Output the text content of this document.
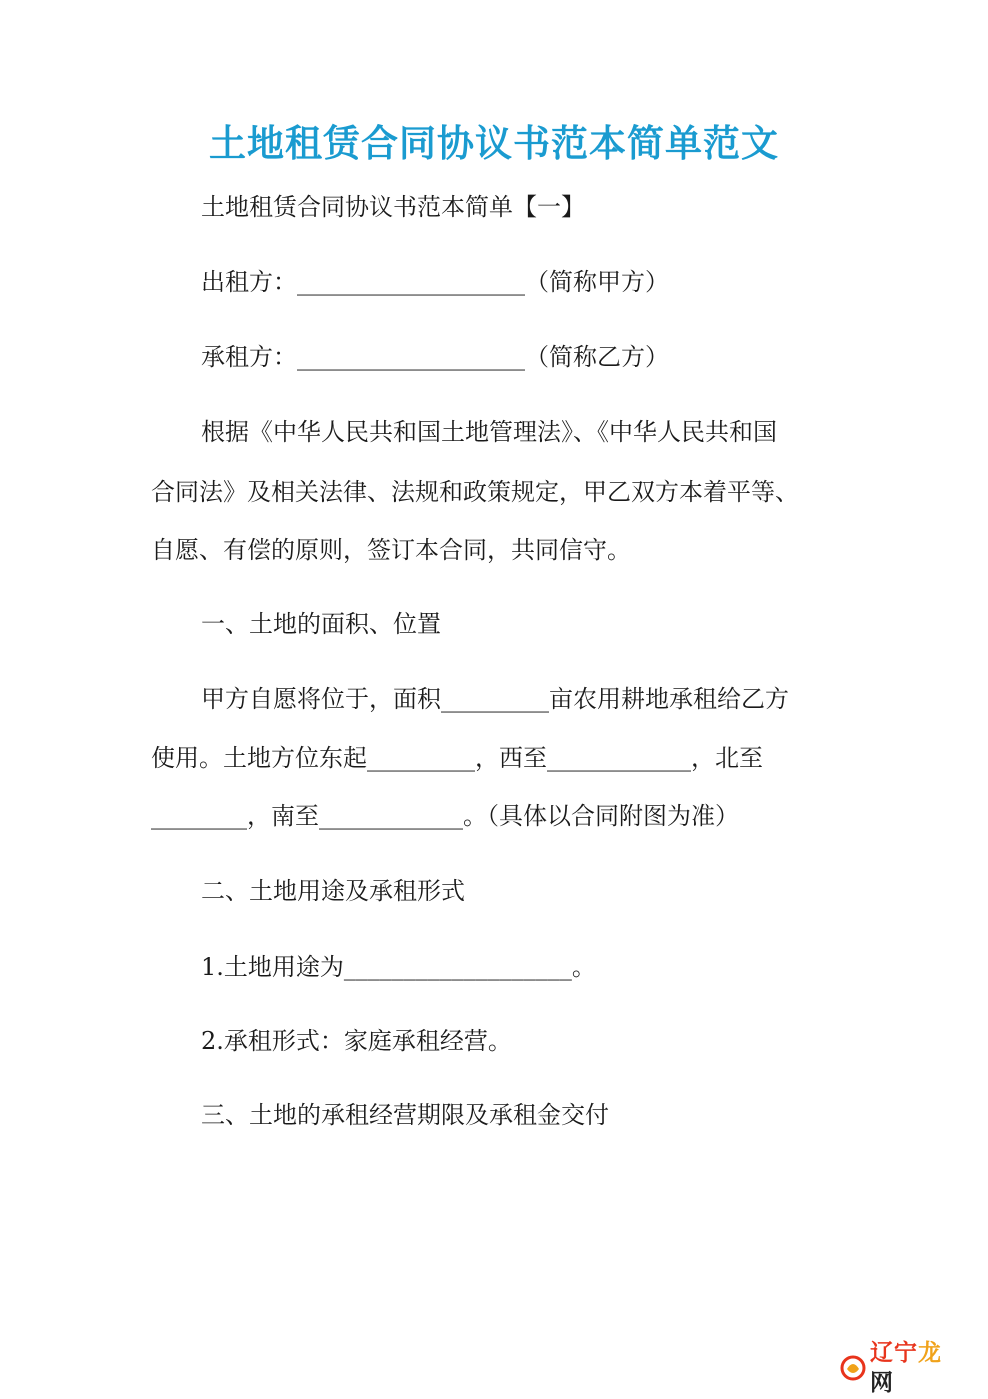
土地租赁合同协议书范本简单范文

土地租赁合同协议书范本简单【一】

出租方：___________________（简称甲方）

承租方：___________________（简称乙方）

根据《中华人民共和国土地管理法》、《中华人民共和国

合同法》及相关法律、法规和政策规定，甲乙双方本着平等、

自愿、有偿的原则，签订本合同，共同信守。

一、土地的面积、位置

甲方自愿将位于，面积_________亩农用耕地承租给乙方

使用。土地方位东起_________，西至____________，北至

________，南至____________。（具体以合同附图为准）

二、土地用途及承租形式

1.土地用途为___________________。

2.承租形式：家庭承租经营。

三、土地的承租经营期限及承租金交付

辽宁龙网
